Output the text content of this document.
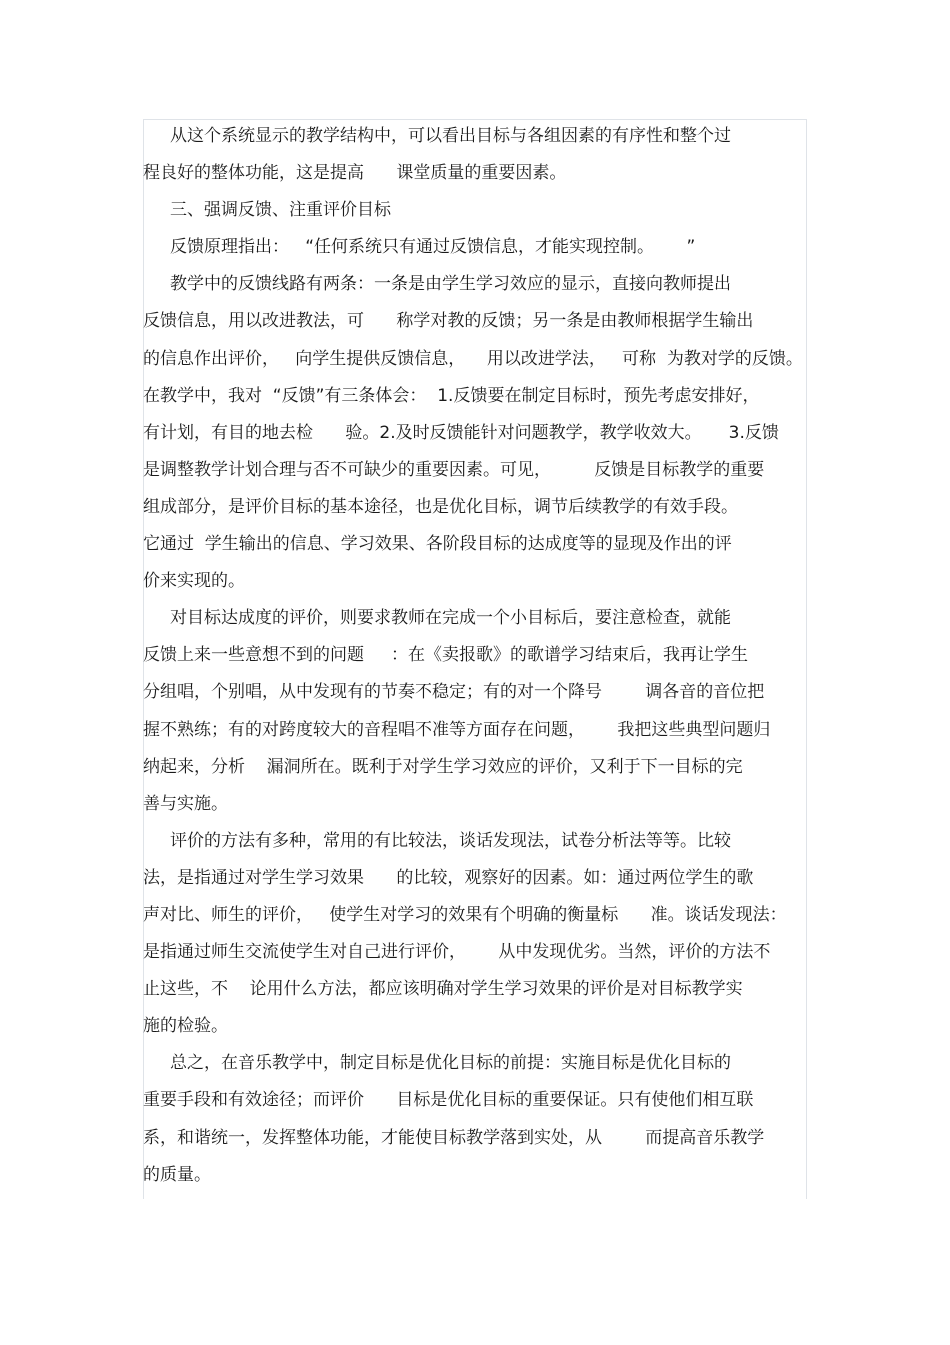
从这个系统显示的教学结构中，可以看出目标与各组因素的有序性和整个过
程良好的整体功能，这是提高      课堂质量的重要因素。
三、强调反馈、注重评价目标
反馈原理指出：   “任何系统只有通过反馈信息，才能实现控制。      ”
教学中的反馈线路有两条：一条是由学生学习效应的显示，直接向教师提出
反馈信息，用以改进教法，可      称学对教的反馈；另一条是由教师根据学生输出
的信息作出评价，   向学生提供反馈信息，    用以改进学法，   可称  为教对学的反馈。
在教学中，我对  “反馈”有三条体会：  1.反馈要在制定目标时，预先考虑安排好，
有计划，有目的地去检      验。2.及时反馈能针对问题教学，教学收效大。     3.反馈
是调整教学计划合理与否不可缺少的重要因素。可见，        反馈是目标教学的重要
组成部分，是评价目标的基本途径，也是优化目标，调节后续教学的有效手段。
它通过  学生输出的信息、学习效果、各阶段目标的达成度等的显现及作出的评
价来实现的。
对目标达成度的评价，则要求教师在完成一个小目标后，要注意检查，就能
反馈上来一些意想不到的问题     ：在《卖报歌》的歌谱学习结束后，我再让学生
分组唱，个别唱，从中发现有的节奏不稳定；有的对一个降号        调各音的音位把
握不熟练；有的对跨度较大的音程唱不准等方面存在问题，      我把这些典型问题归
纳起来，分析    漏洞所在。既利于对学生学习效应的评价，又利于下一目标的完
善与实施。
评价的方法有多种，常用的有比较法，谈话发现法，试卷分析法等等。比较
法，是指通过对学生学习效果      的比较，观察好的因素。如：通过两位学生的歌
声对比、师生的评价，   使学生对学习的效果有个明确的衡量标      准。谈话发现法：
是指通过师生交流使学生对自己进行评价，      从中发现优劣。当然，评价的方法不
止这些，不    论用什么方法，都应该明确对学生学习效果的评价是对目标教学实
施的检验。
总之，在音乐教学中，制定目标是优化目标的前提：实施目标是优化目标的
重要手段和有效途径；而评价      目标是优化目标的重要保证。只有使他们相互联
系，和谐统一，发挥整体功能，才能使目标教学落到实处，从        而提高音乐教学
的质量。
